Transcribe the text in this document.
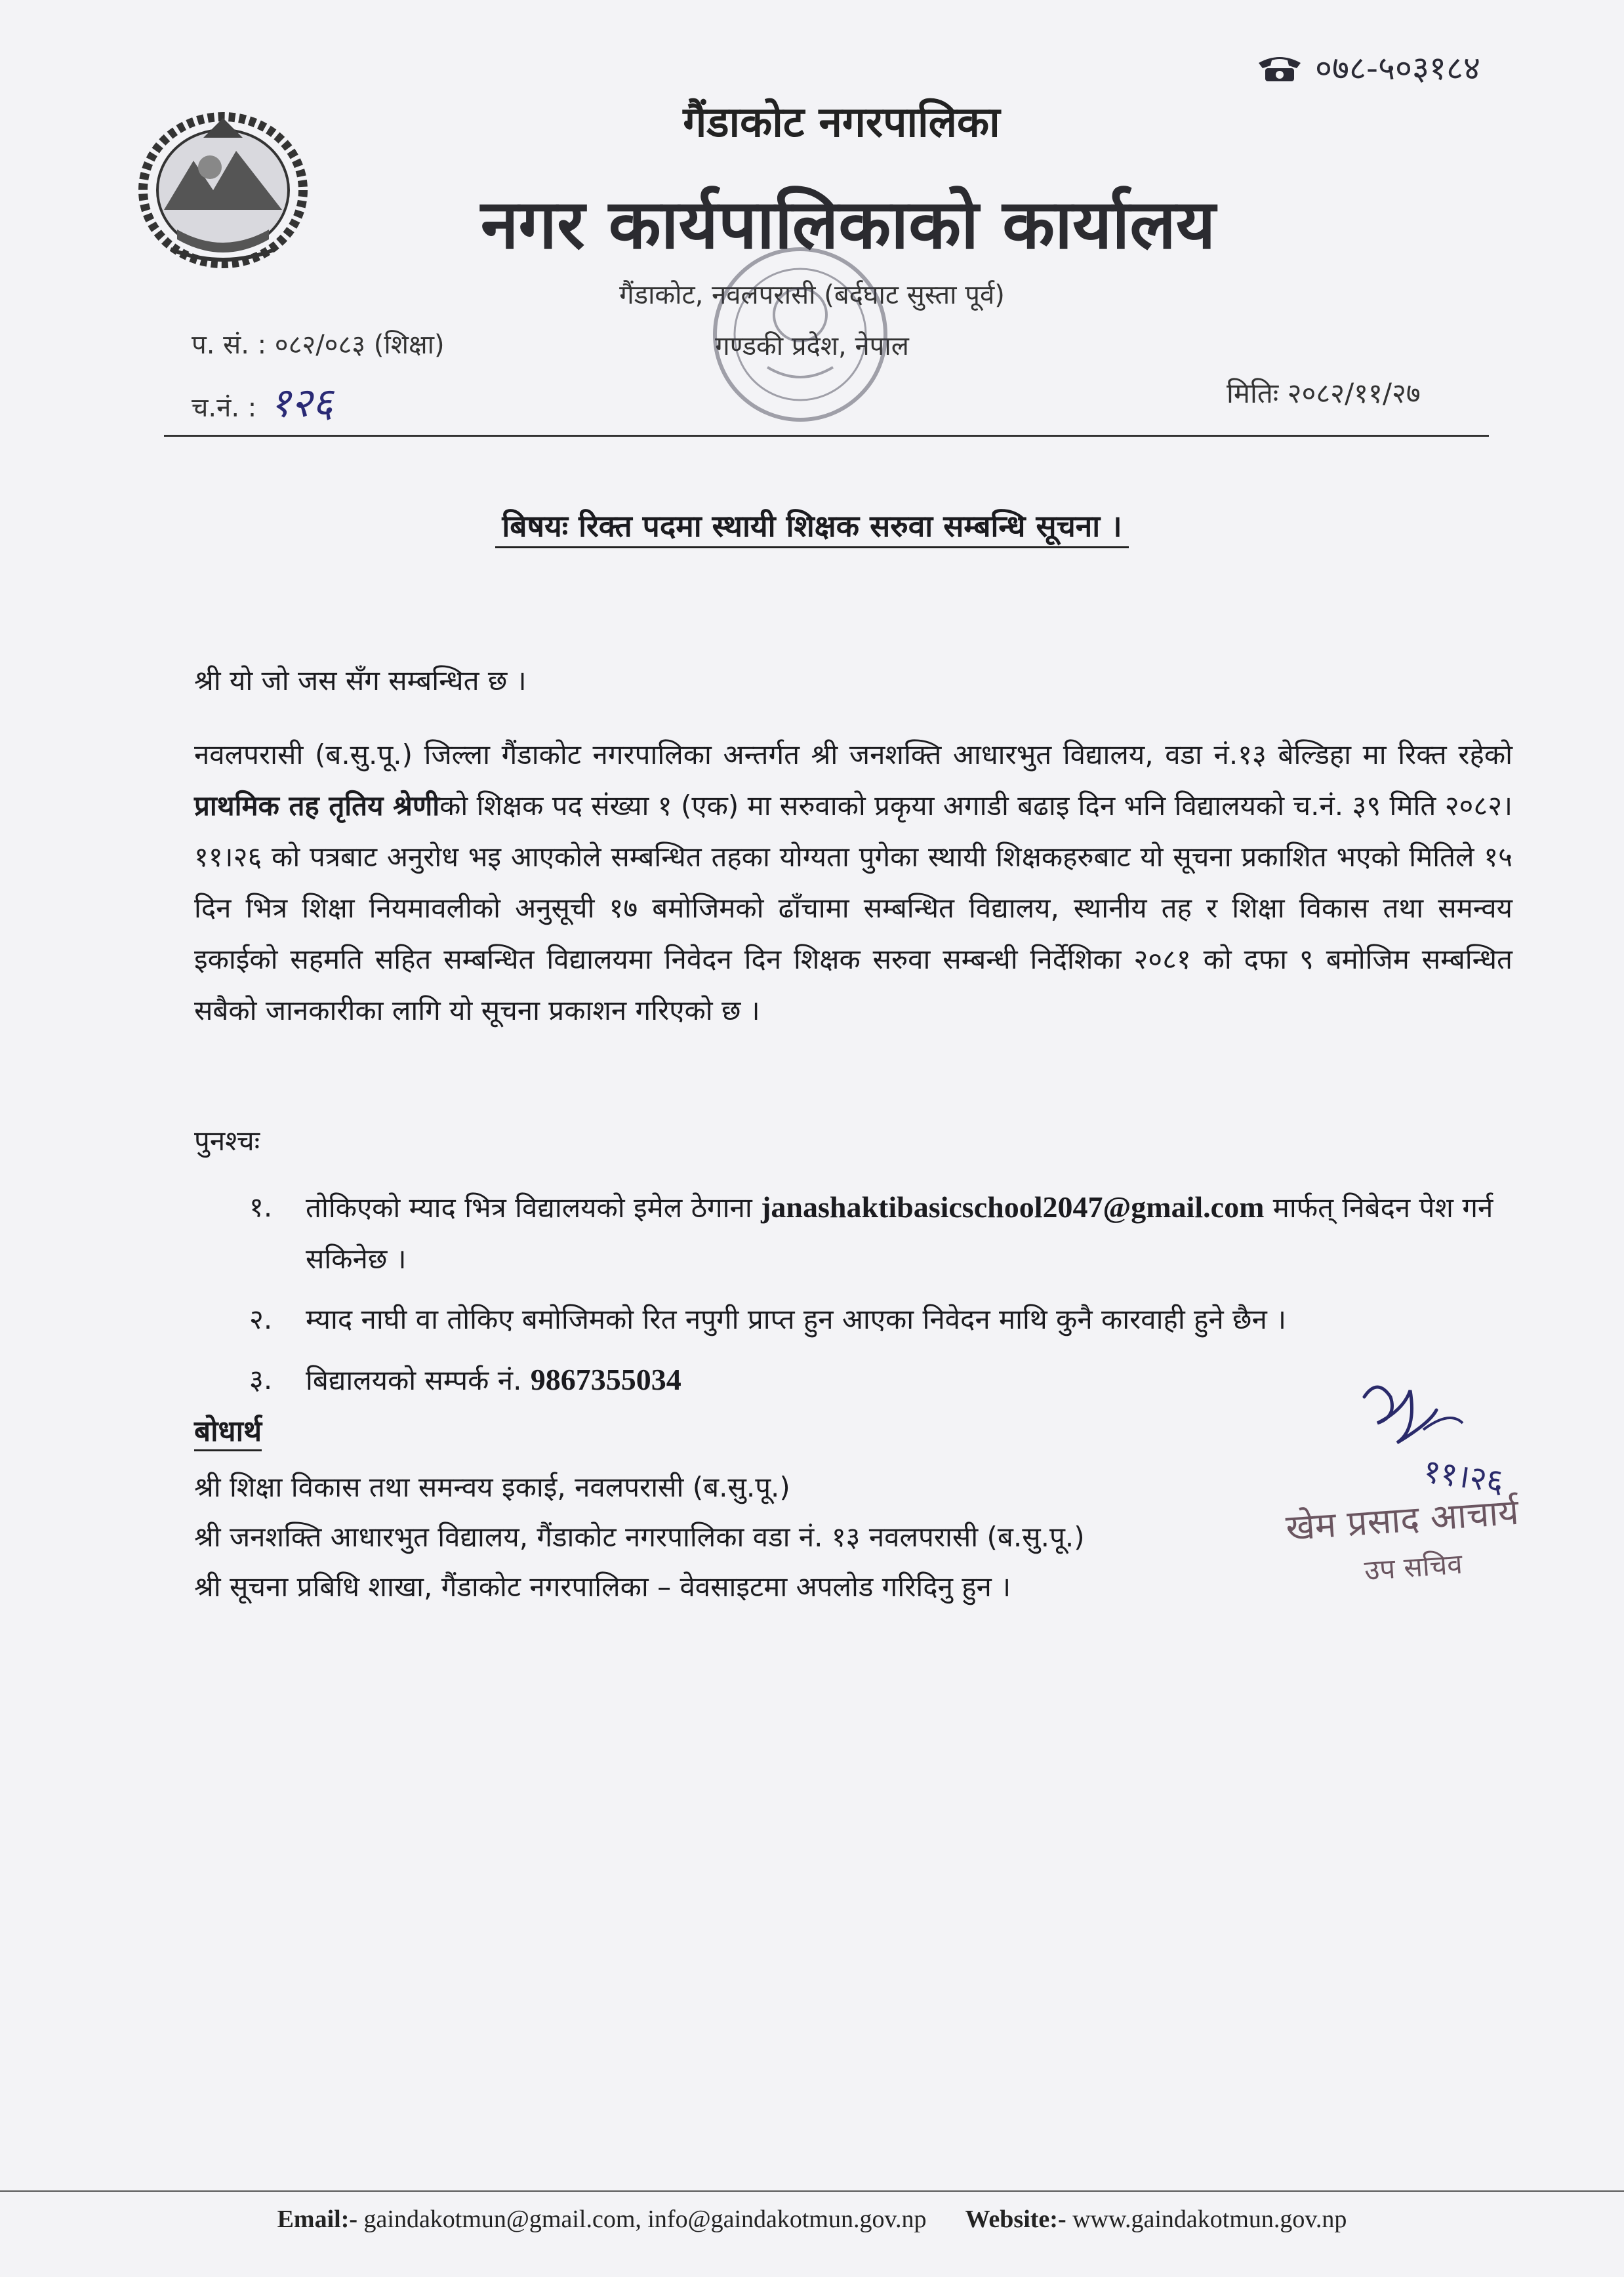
०७८-५०३१८४
गैंडाकोट नगरपालिका
नगर कार्यपालिकाको कार्यालय
गैंडाकोट, नवलपरासी (बर्दघाट सुस्ता पूर्व)
गण्डकी प्रदेश, नेपाल
प. सं. : ०८२/०८३ (शिक्षा)
च.नं. : १२६	मितिः २०८२/११/२७
बिषयः रिक्त पदमा स्थायी शिक्षक सरुवा सम्बन्धि सूचना ।
श्री यो जो जस सँग सम्बन्धित छ ।
नवलपरासी (ब.सु.पू.) जिल्ला गैंडाकोट नगरपालिका अन्तर्गत श्री जनशक्ति आधारभुत विद्यालय, वडा नं.१३ बेल्डिहा मा रिक्त रहेको प्राथमिक तह तृतिय श्रेणीको शिक्षक पद संख्या १ (एक) मा सरुवाको प्रकृया अगाडी बढाइ दिन भनि विद्यालयको च.नं. ३९ मिति २०८२।११।२६ को पत्रबाट अनुरोध भइ आएकोले सम्बन्धित तहका योग्यता पुगेका स्थायी शिक्षकहरुबाट यो सूचना प्रकाशित भएको मितिले १५ दिन भित्र शिक्षा नियमावलीको अनुसूची १७ बमोजिमको ढाँचामा सम्बन्धित विद्यालय, स्थानीय तह र शिक्षा विकास तथा समन्वय इकाईको सहमति सहित सम्बन्धित विद्यालयमा निवेदन दिन शिक्षक सरुवा सम्बन्धी निर्देशिका २०८१ को दफा ९ बमोजिम सम्बन्धित सबैको जानकारीका लागि यो सूचना प्रकाशन गरिएको छ ।
पुनश्चः
१.	तोकिएको म्याद भित्र विद्यालयको इमेल ठेगाना janashaktibasicschool2047@gmail.com मार्फत् निबेदन पेश गर्न सकिनेछ ।
२.	म्याद नाघी वा तोकिए बमोजिमको रित नपुगी प्राप्त हुन आएका निवेदन माथि कुनै कारवाही हुने छैन ।
३.	बिद्यालयको सम्पर्क नं. 9867355034
बोधार्थ
श्री शिक्षा विकास तथा समन्वय इकाई, नवलपरासी (ब.सु.पू.)
श्री जनशक्ति आधारभुत विद्यालय, गैंडाकोट नगरपालिका वडा नं. १३ नवलपरासी (ब.सु.पू.)
श्री सूचना प्रबिधि शाखा, गैंडाकोट नगरपालिका – वेवसाइटमा अपलोड गरिदिनु हुन ।
११।२६
खेम प्रसाद आचार्य
उप सचिव
Email:- gaindakotmun@gmail.com, info@gaindakotmun.gov.np Website:- www.gaindakotmun.gov.np
